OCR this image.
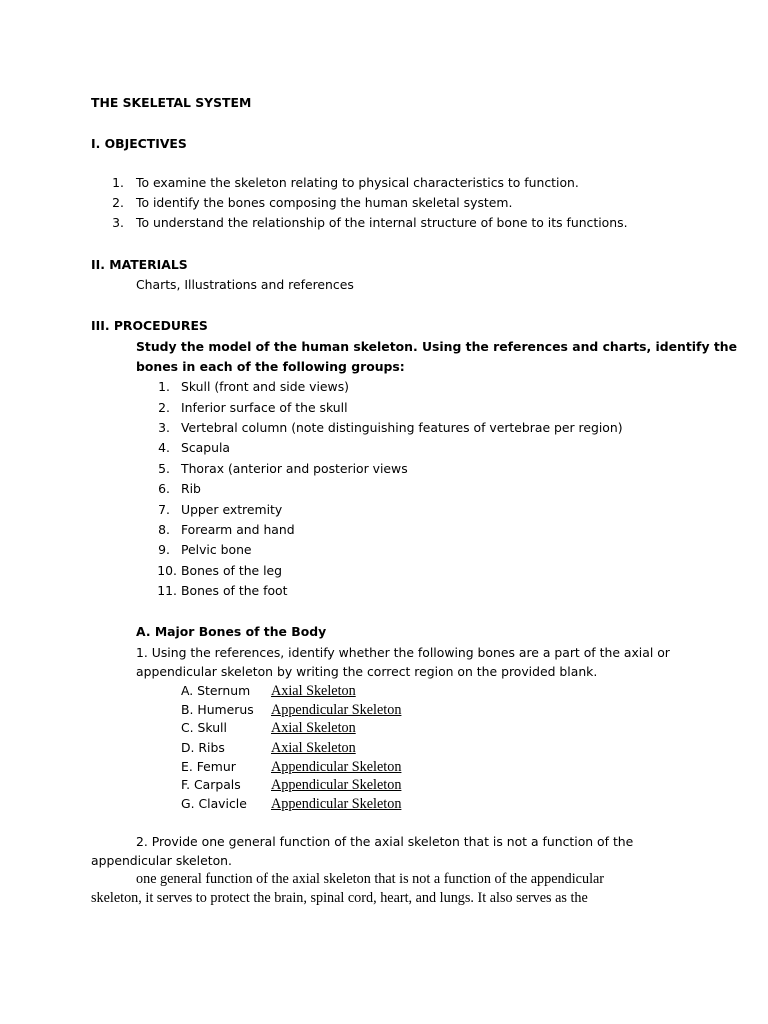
THE SKELETAL SYSTEM
I. OBJECTIVES
1. To examine the skeleton relating to physical characteristics to function.
2. To identify the bones composing the human skeletal system.
3. To understand the relationship of the internal structure of bone to its functions.
II. MATERIALS
Charts, Illustrations and references
III. PROCEDURES
Study the model of the human skeleton. Using the references and charts, identify the
bones in each of the following groups:
1. Skull (front and side views)
2. Inferior surface of the skull
3. Vertebral column (note distinguishing features of vertebrae per region)
4. Scapula
5. Thorax (anterior and posterior views
6. Rib
7. Upper extremity
8. Forearm and hand
9. Pelvic bone
10. Bones of the leg
11. Bones of the foot
A. Major Bones of the Body
1. Using the references, identify whether the following bones are a part of the axial or
appendicular skeleton by writing the correct region on the provided blank.
A. Sternum Axial Skeleton
B. Humerus Appendicular Skeleton
C. Skull	Axial Skeleton
D. Ribs	Axial Skeleton
E. Femur Appendicular Skeleton
F. Carpals Appendicular Skeleton
G. Clavicle Appendicular Skeleton
2. Provide one general function of the axial skeleton that is not a function of the
appendicular skeleton.
one general function of the axial skeleton that is not a function of the appendicular
skeleton, it serves to protect the brain, spinal cord, heart, and lungs. It also serves as the
